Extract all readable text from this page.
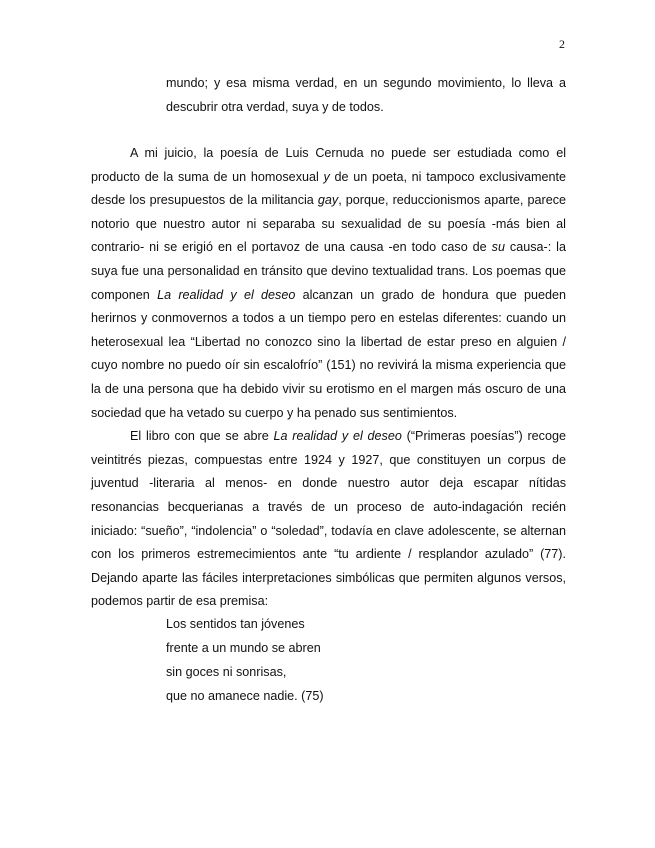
2
mundo; y esa misma verdad, en un segundo movimiento, lo lleva a descubrir otra verdad, suya y de todos.

A mi juicio, la poesía de Luis Cernuda no puede ser estudiada como el producto de la suma de un homosexual y de un poeta, ni tampoco exclusivamente desde los presupuestos de la militancia gay, porque, reduccionismos aparte, parece notorio que nuestro autor ni separaba su sexualidad de su poesía -más bien al contrario- ni se erigió en el portavoz de una causa -en todo caso de su causa-: la suya fue una personalidad en tránsito que devino textualidad trans. Los poemas que componen La realidad y el deseo alcanzan un grado de hondura que pueden herirnos y conmovernos a todos a un tiempo pero en estelas diferentes: cuando un heterosexual lea “Libertad no conozco sino la libertad de estar preso en alguien / cuyo nombre no puedo oír sin escalofrío” (151) no revivirá la misma experiencia que la de una persona que ha debido vivir su erotismo en el margen más oscuro de una sociedad que ha vetado su cuerpo y ha penado sus sentimientos.

El libro con que se abre La realidad y el deseo (“Primeras poesías”) recoge veintitrés piezas, compuestas entre 1924 y 1927, que constituyen un corpus de juventud -literaria al menos- en donde nuestro autor deja escapar nítidas resonancias becquerianas a través de un proceso de auto-indagación recién iniciado: “sueño”, “indolencia” o “soledad”, todavía en clave adolescente, se alternan con los primeros estremecimientos ante “tu ardiente / resplandor azulado” (77). Dejando aparte las fáciles interpretaciones simbólicas que permiten algunos versos, podemos partir de esa premisa:

Los sentidos tan jóvenes
frente a un mundo se abren
sin goces ni sonrisas,
que no amanece nadie. (75)
